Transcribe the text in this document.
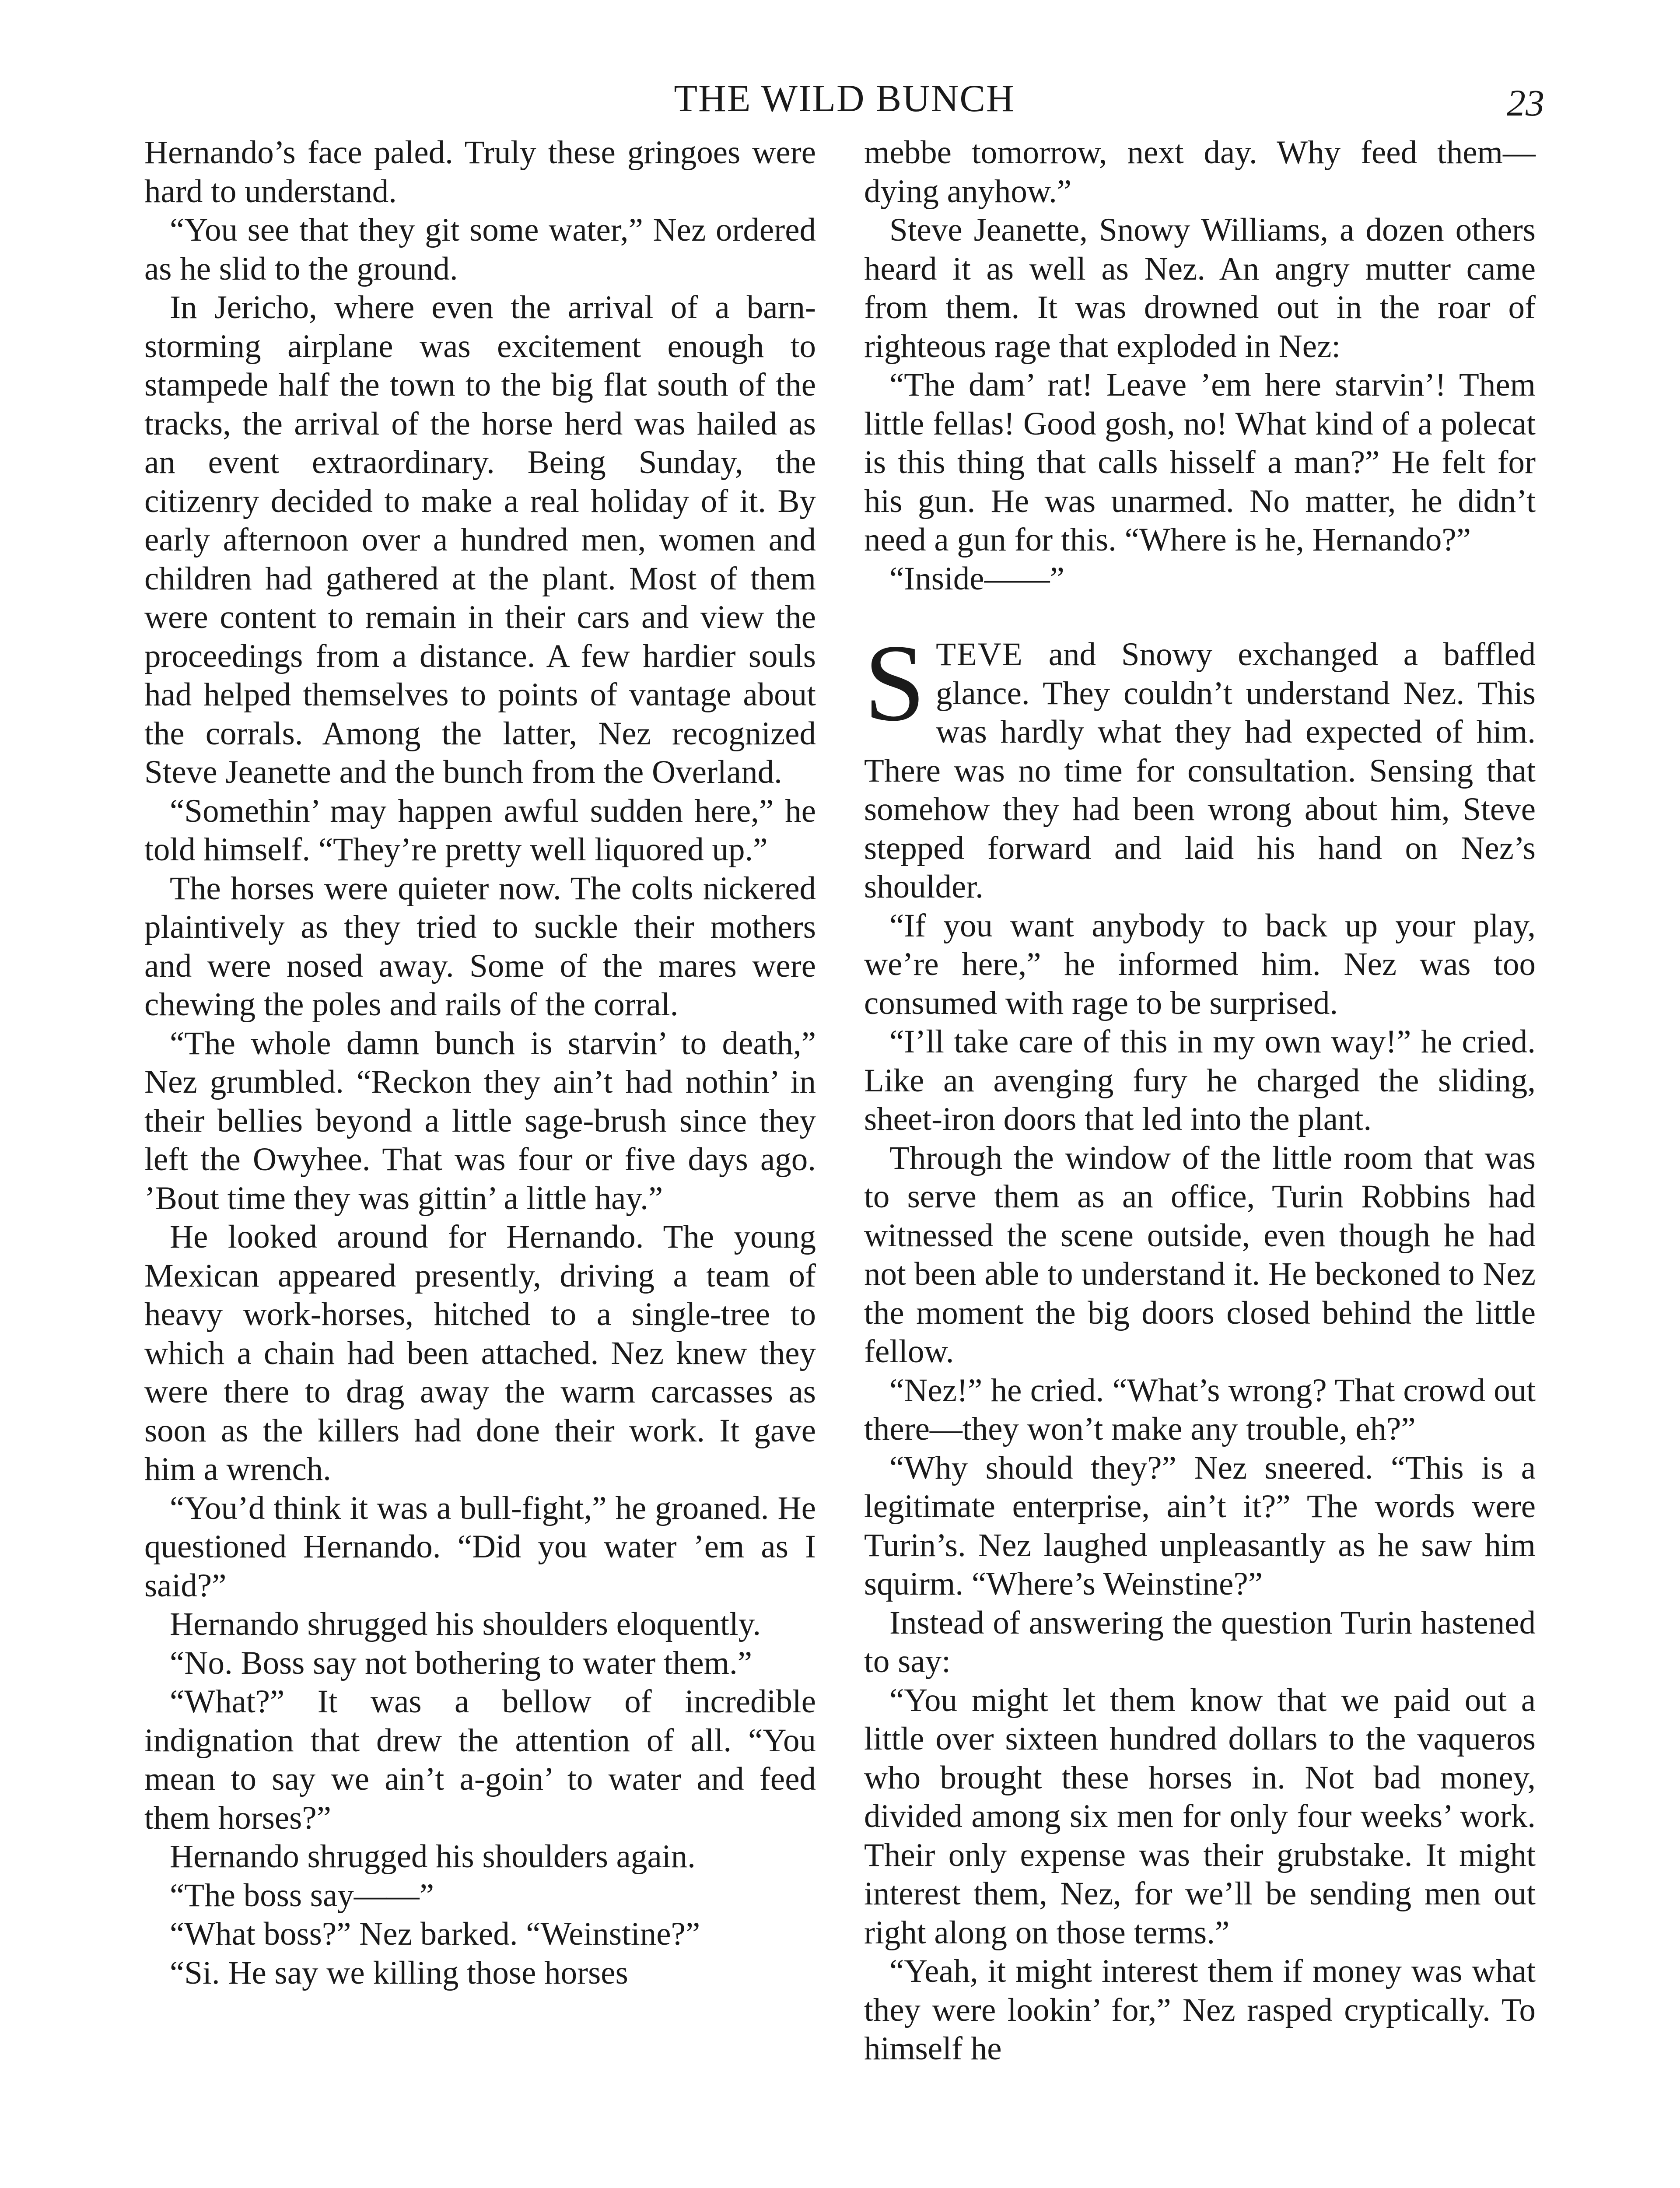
THE WILD BUNCH	23

Hernando’s face paled. Truly these gringoes were hard to understand.

“You see that they git some water,” Nez ordered as he slid to the ground.

In Jericho, where even the arrival of a barn-storming airplane was excitement enough to stampede half the town to the big flat south of the tracks, the arrival of the horse herd was hailed as an event extraordinary. Being Sunday, the citizenry decided to make a real holiday of it. By early afternoon over a hundred men, women and children had gathered at the plant. Most of them were content to remain in their cars and view the proceedings from a distance. A few hardier souls had helped themselves to points of vantage about the corrals. Among the latter, Nez recognized Steve Jeanette and the bunch from the Overland.

“Somethin’ may happen awful sudden here,” he told himself. “They’re pretty well liquored up.”

The horses were quieter now. The colts nickered plaintively as they tried to suckle their mothers and were nosed away. Some of the mares were chewing the poles and rails of the corral.

“The whole damn bunch is starvin’ to death,” Nez grumbled. “Reckon they ain’t had nothin’ in their bellies beyond a little sage-brush since they left the Owyhee. That was four or five days ago. ’Bout time they was gittin’ a little hay.”

He looked around for Hernando. The young Mexican appeared presently, driving a team of heavy work-horses, hitched to a single-tree to which a chain had been attached. Nez knew they were there to drag away the warm carcasses as soon as the killers had done their work. It gave him a wrench.

“You’d think it was a bull-fight,” he groaned. He questioned Hernando. “Did you water ’em as I said?”

Hernando shrugged his shoulders eloquently.

“No. Boss say not bothering to water them.”

“What?” It was a bellow of incredible indignation that drew the attention of all. “You mean to say we ain’t a-goin’ to water and feed them horses?”

Hernando shrugged his shoulders again.

“The boss say——”

“What boss?” Nez barked. “Weinstine?”

“Si. He say we killing those horses

mebbe tomorrow, next day. Why feed them—dying anyhow.”

Steve Jeanette, Snowy Williams, a dozen others heard it as well as Nez. An angry mutter came from them. It was drowned out in the roar of righteous rage that exploded in Nez:

“The dam’ rat! Leave ’em here starvin’! Them little fellas! Good gosh, no! What kind of a polecat is this thing that calls hisself a man?” He felt for his gun. He was unarmed. No matter, he didn’t need a gun for this. “Where is he, Hernando?”

“Inside——”

STEVE and Snowy exchanged a baffled glance. They couldn’t understand Nez. This was hardly what they had expected of him. There was no time for consultation. Sensing that somehow they had been wrong about him, Steve stepped forward and laid his hand on Nez’s shoulder.

“If you want anybody to back up your play, we’re here,” he informed him. Nez was too consumed with rage to be surprised.

“I’ll take care of this in my own way!” he cried. Like an avenging fury he charged the sliding, sheet-iron doors that led into the plant.

Through the window of the little room that was to serve them as an office, Turin Robbins had witnessed the scene outside, even though he had not been able to understand it. He beckoned to Nez the moment the big doors closed behind the little fellow.

“Nez!” he cried. “What’s wrong? That crowd out there—they won’t make any trouble, eh?”

“Why should they?” Nez sneered. “This is a legitimate enterprise, ain’t it?” The words were Turin’s. Nez laughed unpleasantly as he saw him squirm. “Where’s Weinstine?”

Instead of answering the question Turin hastened to say:

“You might let them know that we paid out a little over sixteen hundred dollars to the vaqueros who brought these horses in. Not bad money, divided among six men for only four weeks’ work. Their only expense was their grubstake. It might interest them, Nez, for we’ll be sending men out right along on those terms.”

“Yeah, it might interest them if money was what they were lookin’ for,” Nez rasped cryptically. To himself he
